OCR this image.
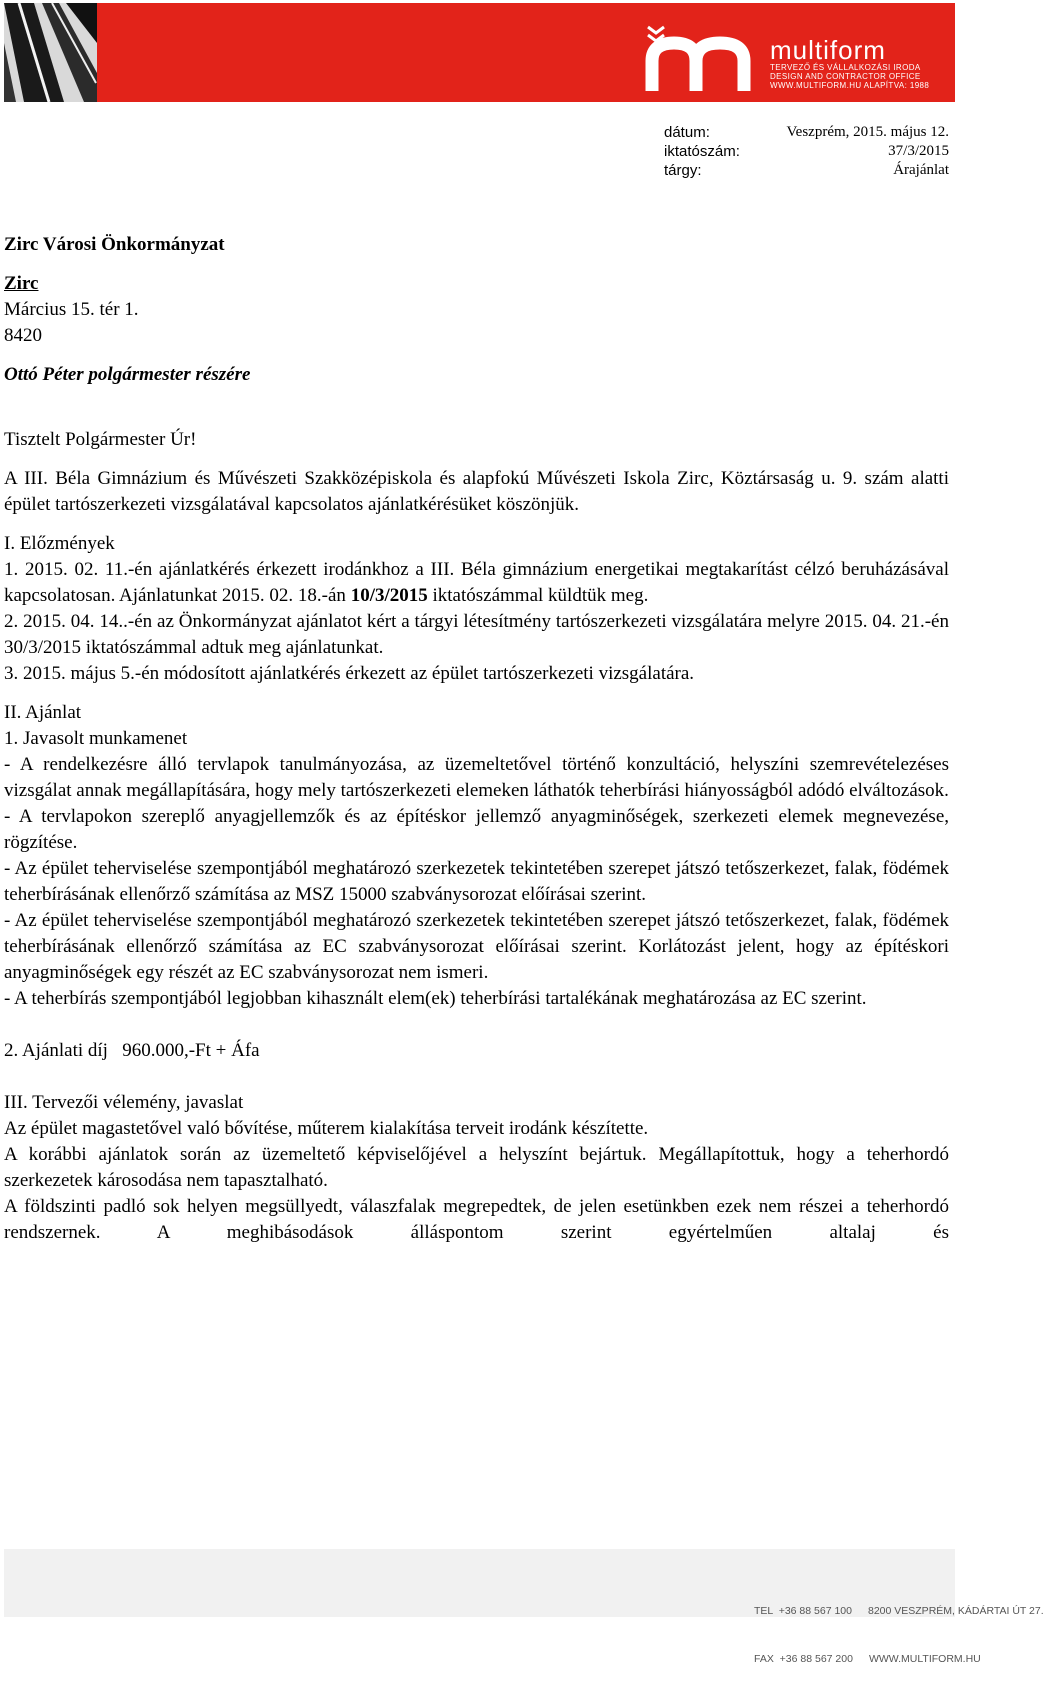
multiform
TERVEZŐ ÉS VÁLLALKOZÁSI IRODA
DESIGN AND CONTRACTOR OFFICE
WWW.MULTIFORM.HU ALAPÍTVA: 1988
dátum:	Veszprém, 2015. május 12.
iktatószám:	37/3/2015
tárgy:	Árajánlat
Zirc Városi Önkormányzat
Zirc
Március 15. tér 1.
8420
Ottó Péter polgármester részére
Tisztelt Polgármester Úr!

A III. Béla Gimnázium és Művészeti Szakközépiskola és alapfokú Művészeti Iskola Zirc, Köztársaság u. 9. szám alatti épület tartószerkezeti vizsgálatával kapcsolatos ajánlatkérésüket köszönjük.

I. Előzmények

1. 2015. 02. 11.-én ajánlatkérés érkezett irodánkhoz a III. Béla gimnázium energetikai megtakarítást célzó beruházásával kapcsolatosan. Ajánlatunkat 2015. 02. 18.-án 10/3/2015 iktatószámmal küldtük meg.

2. 2015. 04. 14..-én az Önkormányzat ajánlatot kért a tárgyi létesítmény tartószerkezeti vizsgálatára melyre 2015. 04. 21.-én 30/3/2015 iktatószámmal adtuk meg ajánlatunkat.

3. 2015. május 5.-én módosított ajánlatkérés érkezett az épület tartószerkezeti vizsgálatára.

II. Ajánlat
1. Javasolt munkamenet

- A rendelkezésre álló tervlapok tanulmányozása, az üzemeltetővel történő konzultáció, helyszíni szemrevételezéses vizsgálat annak megállapítására, hogy mely tartószerkezeti elemeken láthatók teherbírási hiányosságból adódó elváltozások.

- A tervlapokon szereplő anyagjellemzők és az építéskor jellemző anyagminőségek, szerkezeti elemek megnevezése, rögzítése.

- Az épület teherviselése szempontjából meghatározó szerkezetek tekintetében szerepet játszó tetőszerkezet, falak, födémek teherbírásának ellenőrző számítása az MSZ 15000 szabványsorozat előírásai szerint.

- Az épület teherviselése szempontjából meghatározó szerkezetek tekintetében szerepet játszó tetőszerkezet, falak, födémek teherbírásának ellenőrző számítása az EC szabványsorozat előírásai szerint. Korlátozást jelent, hogy az építéskori anyagminőségek egy részét az EC szabványsorozat nem ismeri.

- A teherbírás szempontjából legjobban kihasznált elem(ek) teherbírási tartalékának meghatározása az EC szerint.

2. Ajánlati díj 960.000,-Ft + Áfa
III. Tervezői vélemény, javaslat

Az épület magastetővel való bővítése, műterem kialakítása terveit irodánk készítette.

A korábbi ajánlatok során az üzemeltető képviselőjével a helyszínt bejártuk. Megállapítottuk, hogy a teherhordó szerkezetek károsodása nem tapasztalható.

A földszinti padló sok helyen megsüllyedt, válaszfalak megrepedtek, de jelen esetünkben ezek nem részei a teherhordó rendszernek. A meghibásodások álláspontom szerint egyértelműen altalaj és

TEL  +36 88 567 100 8200 VESZPRÉM, KÁDÁRTAI ÚT 27.

FAX  +36 88 567 200 WWW.MULTIFORM.HU
